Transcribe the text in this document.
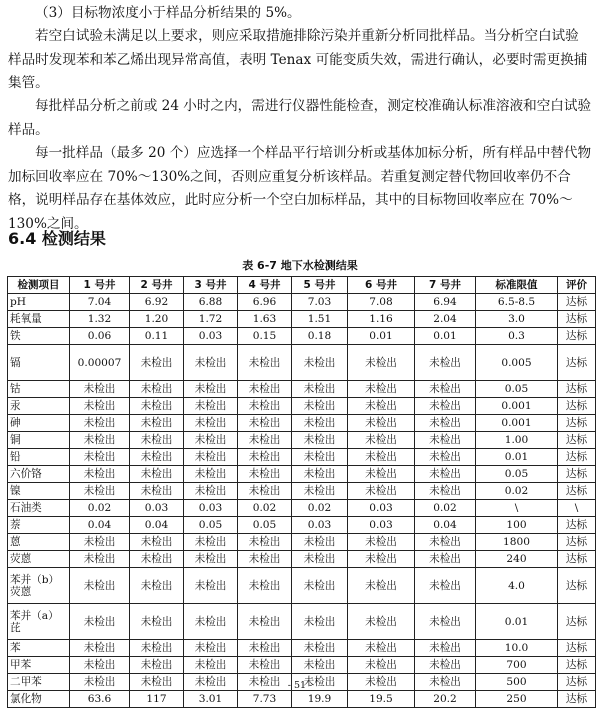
（3）目标物浓度小于样品分析结果的 5%。

若空白试验未满足以上要求，则应采取措施排除污染并重新分析同批样品。当分析空白试验样品时发现苯和苯乙烯出现异常高值，表明 Tenax 可能变质失效，需进行确认，必要时需更换捕集管。

每批样品分析之前或 24 小时之内，需进行仪器性能检查，测定校准确认标准溶液和空白试验样品。

每一批样品（最多 20 个）应选择一个样品平行培训分析或基体加标分析，所有样品中替代物加标回收率应在 70%～130%之间，否则应重复分析该样品。若重复测定替代物回收率仍不合格，说明样品存在基体效应，此时应分析一个空白加标样品，其中的目标物回收率应在 70%～130%之间。

6.4 检测结果

表 6-7 地下水检测结果

检测项目	1 号井	2 号井	3 号井	4 号井	5 号井	6 号井	7 号井	标准限值	评价
pH	7.04	6.92	6.88	6.96	7.03	7.08	6.94	6.5-8.5	达标
耗氧量	1.32	1.20	1.72	1.63	1.51	1.16	2.04	3.0	达标
铁	0.06	0.11	0.03	0.15	0.18	0.01	0.01	0.3	达标
镉	0.00007	未检出	未检出	未检出	未检出	未检出	未检出	0.005	达标
钴	未检出	未检出	未检出	未检出	未检出	未检出	未检出	0.05	达标
汞	未检出	未检出	未检出	未检出	未检出	未检出	未检出	0.001	达标
砷	未检出	未检出	未检出	未检出	未检出	未检出	未检出	0.001	达标
铜	未检出	未检出	未检出	未检出	未检出	未检出	未检出	1.00	达标
铅	未检出	未检出	未检出	未检出	未检出	未检出	未检出	0.01	达标
六价铬	未检出	未检出	未检出	未检出	未检出	未检出	未检出	0.05	达标
镍	未检出	未检出	未检出	未检出	未检出	未检出	未检出	0.02	达标
石油类	0.02	0.03	0.03	0.02	0.02	0.03	0.02	\	\
萘	0.04	0.04	0.05	0.05	0.03	0.03	0.04	100	达标
蒽	未检出	未检出	未检出	未检出	未检出	未检出	未检出	1800	达标
荧蒽	未检出	未检出	未检出	未检出	未检出	未检出	未检出	240	达标
苯并（b）荧蒽	未检出	未检出	未检出	未检出	未检出	未检出	未检出	4.0	达标
苯并（a）芘	未检出	未检出	未检出	未检出	未检出	未检出	未检出	0.01	达标
苯	未检出	未检出	未检出	未检出	未检出	未检出	未检出	10.0	达标
甲苯	未检出	未检出	未检出	未检出	未检出	未检出	未检出	700	达标
二甲苯	未检出	未检出	未检出	未检出	未检出	未检出	未检出	500	达标
氯化物	63.6	117	3.01	7.73	19.9	19.5	20.2	250	达标

- 51 -
